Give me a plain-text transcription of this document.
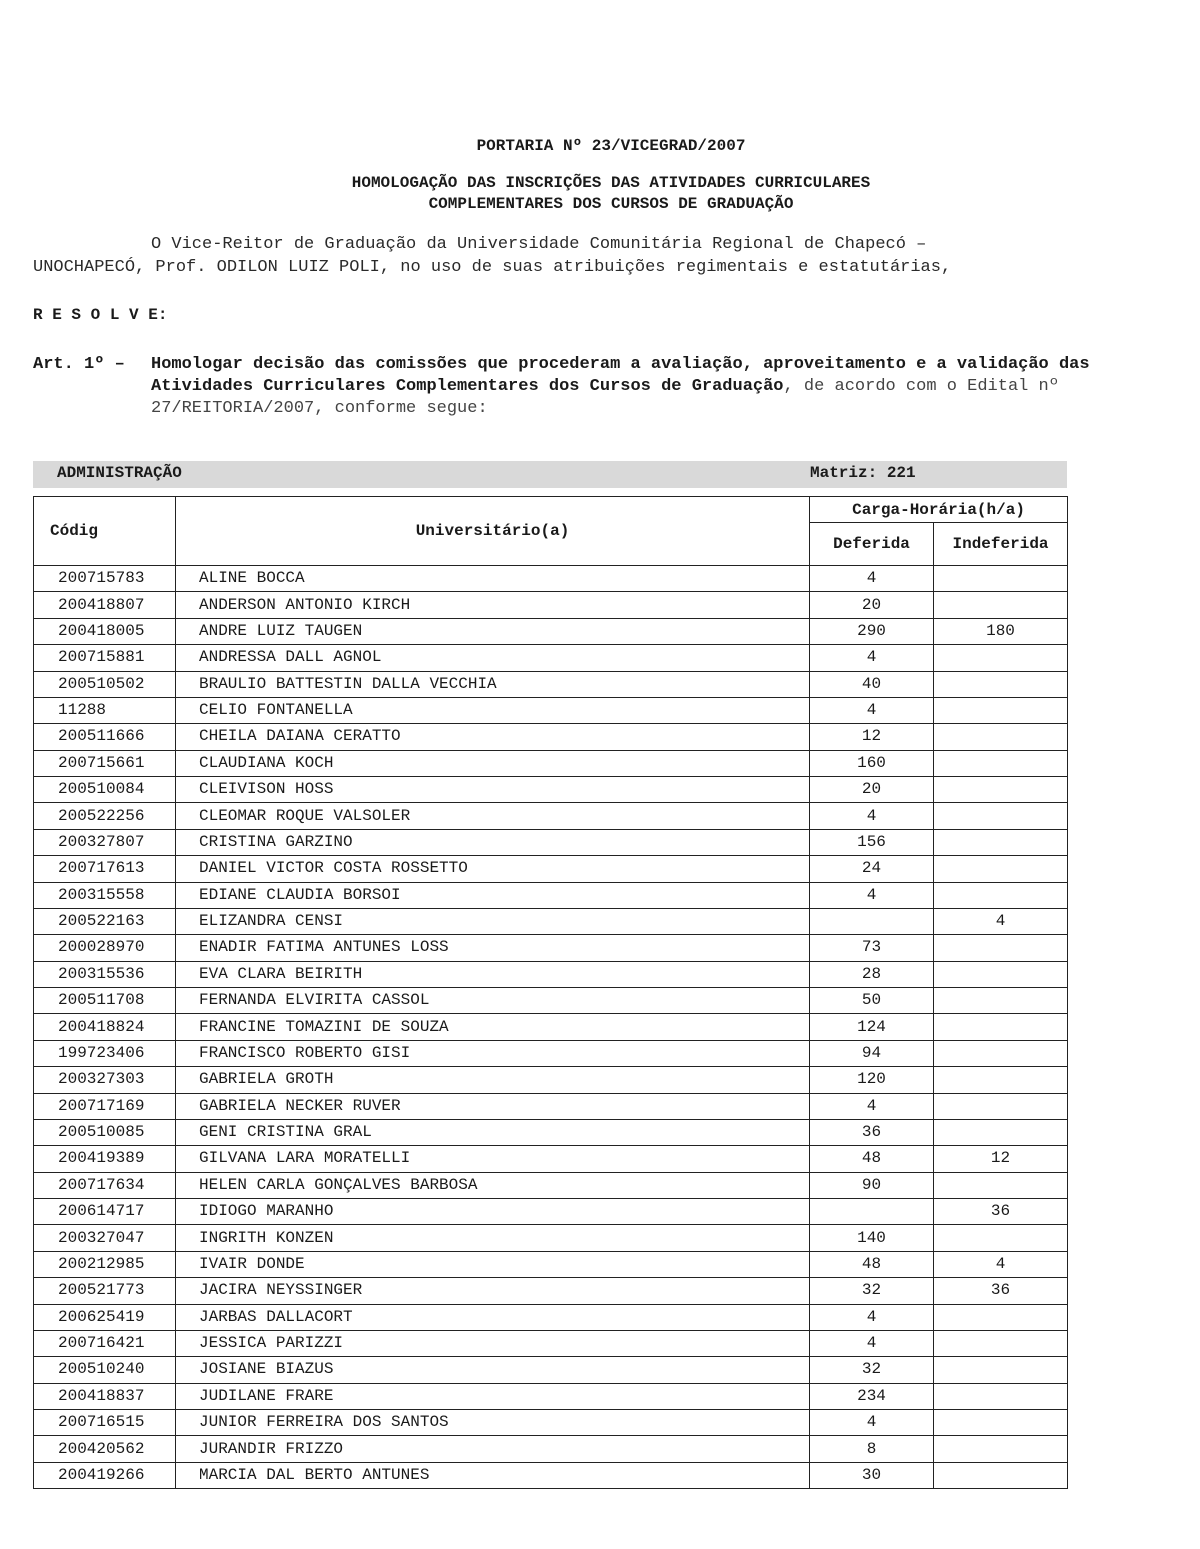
PORTARIA Nº 23/VICEGRAD/2007
HOMOLOGAÇÃO DAS INSCRIÇÕES DAS ATIVIDADES CURRICULARES
COMPLEMENTARES DOS CURSOS DE GRADUAÇÃO
O Vice-Reitor de Graduação da Universidade Comunitária Regional de Chapecó –
UNOCHAPECÓ, Prof. ODILON LUIZ POLI, no uso de suas atribuições regimentais e estatutárias,
R E S O L V E:
Art. 1º – Homologar decisão das comissões que procederam a avaliação, aproveitamento e a validação das Atividades Curriculares Complementares dos Cursos de Graduação, de acordo com o Edital nº 27/REITORIA/2007, conforme segue:
ADMINISTRAÇÃO	Matriz: 221
Códig	Universitário(a)	Carga-Horária(h/a)	
		Deferida	Indeferida
200715783	ALINE BOCCA	4	
200418807	ANDERSON ANTONIO KIRCH	20	
200418005	ANDRE LUIZ TAUGEN	290	180
200715881	ANDRESSA DALL AGNOL	4	
200510502	BRAULIO BATTESTIN DALLA VECCHIA	40	
11288	CELIO FONTANELLA	4	
200511666	CHEILA DAIANA CERATTO	12	
200715661	CLAUDIANA KOCH	160	
200510084	CLEIVISON HOSS	20	
200522256	CLEOMAR ROQUE VALSOLER	4	
200327807	CRISTINA GARZINO	156	
200717613	DANIEL VICTOR COSTA ROSSETTO	24	
200315558	EDIANE CLAUDIA BORSOI	4	
200522163	ELIZANDRA CENSI		4
200028970	ENADIR FATIMA ANTUNES LOSS	73	
200315536	EVA CLARA BEIRITH	28	
200511708	FERNANDA ELVIRITA CASSOL	50	
200418824	FRANCINE TOMAZINI DE SOUZA	124	
199723406	FRANCISCO ROBERTO GISI	94	
200327303	GABRIELA GROTH	120	
200717169	GABRIELA NECKER RUVER	4	
200510085	GENI CRISTINA GRAL	36	
200419389	GILVANA LARA MORATELLI	48	12
200717634	HELEN CARLA GONÇALVES BARBOSA	90	
200614717	IDIOGO MARANHO		36
200327047	INGRITH KONZEN	140	
200212985	IVAIR DONDE	48	4
200521773	JACIRA NEYSSINGER	32	36
200625419	JARBAS DALLACORT	4	
200716421	JESSICA PARIZZI	4	
200510240	JOSIANE BIAZUS	32	
200418837	JUDILANE FRARE	234	
200716515	JUNIOR FERREIRA DOS SANTOS	4	
200420562	JURANDIR FRIZZO	8	
200419266	MARCIA DAL BERTO ANTUNES	30	
